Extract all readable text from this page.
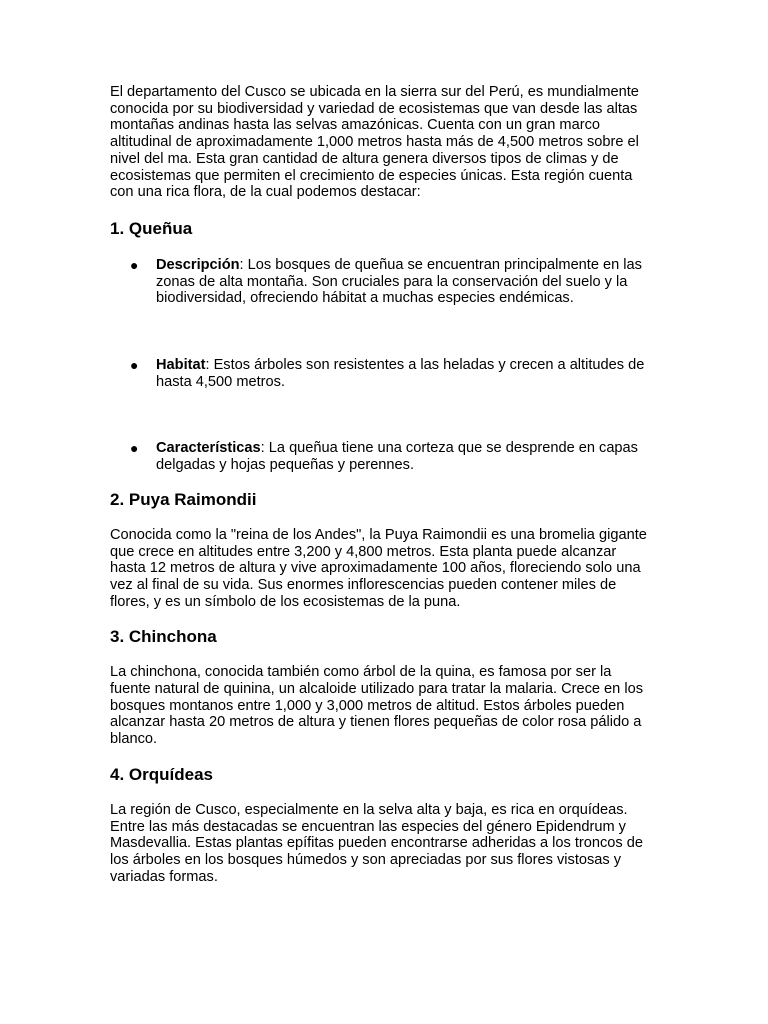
El departamento del Cusco se ubicada en la sierra sur del Perú, es mundialmente conocida por su biodiversidad y variedad de ecosistemas que van desde las altas montañas andinas hasta las selvas amazónicas. Cuenta con un gran marco altitudinal de aproximadamente 1,000 metros hasta más de 4,500 metros sobre el nivel del ma. Esta gran cantidad de altura genera diversos tipos de climas y de ecosistemas que permiten el crecimiento de especies únicas. Esta región cuenta con una rica flora, de la cual podemos destacar:

1. Queñua
● Descripción: Los bosques de queñua se encuentran principalmente en las zonas de alta montaña. Son cruciales para la conservación del suelo y la biodiversidad, ofreciendo hábitat a muchas especies endémicas.
● Habitat: Estos árboles son resistentes a las heladas y crecen a altitudes de hasta 4,500 metros.
● Características: La queñua tiene una corteza que se desprende en capas delgadas y hojas pequeñas y perennes.
2. Puya Raimondii

Conocida como la "reina de los Andes", la Puya Raimondii es una bromelia gigante que crece en altitudes entre 3,200 y 4,800 metros. Esta planta puede alcanzar hasta 12 metros de altura y vive aproximadamente 100 años, floreciendo solo una vez al final de su vida. Sus enormes inflorescencias pueden contener miles de flores, y es un símbolo de los ecosistemas de la puna.

3. Chinchona

La chinchona, conocida también como árbol de la quina, es famosa por ser la fuente natural de quinina, un alcaloide utilizado para tratar la malaria. Crece en los bosques montanos entre 1,000 y 3,000 metros de altitud. Estos árboles pueden alcanzar hasta 20 metros de altura y tienen flores pequeñas de color rosa pálido a blanco.

4. Orquídeas

La región de Cusco, especialmente en la selva alta y baja, es rica en orquídeas. Entre las más destacadas se encuentran las especies del género Epidendrum y Masdevallia. Estas plantas epífitas pueden encontrarse adheridas a los troncos de los árboles en los bosques húmedos y son apreciadas por sus flores vistosas y variadas formas.
